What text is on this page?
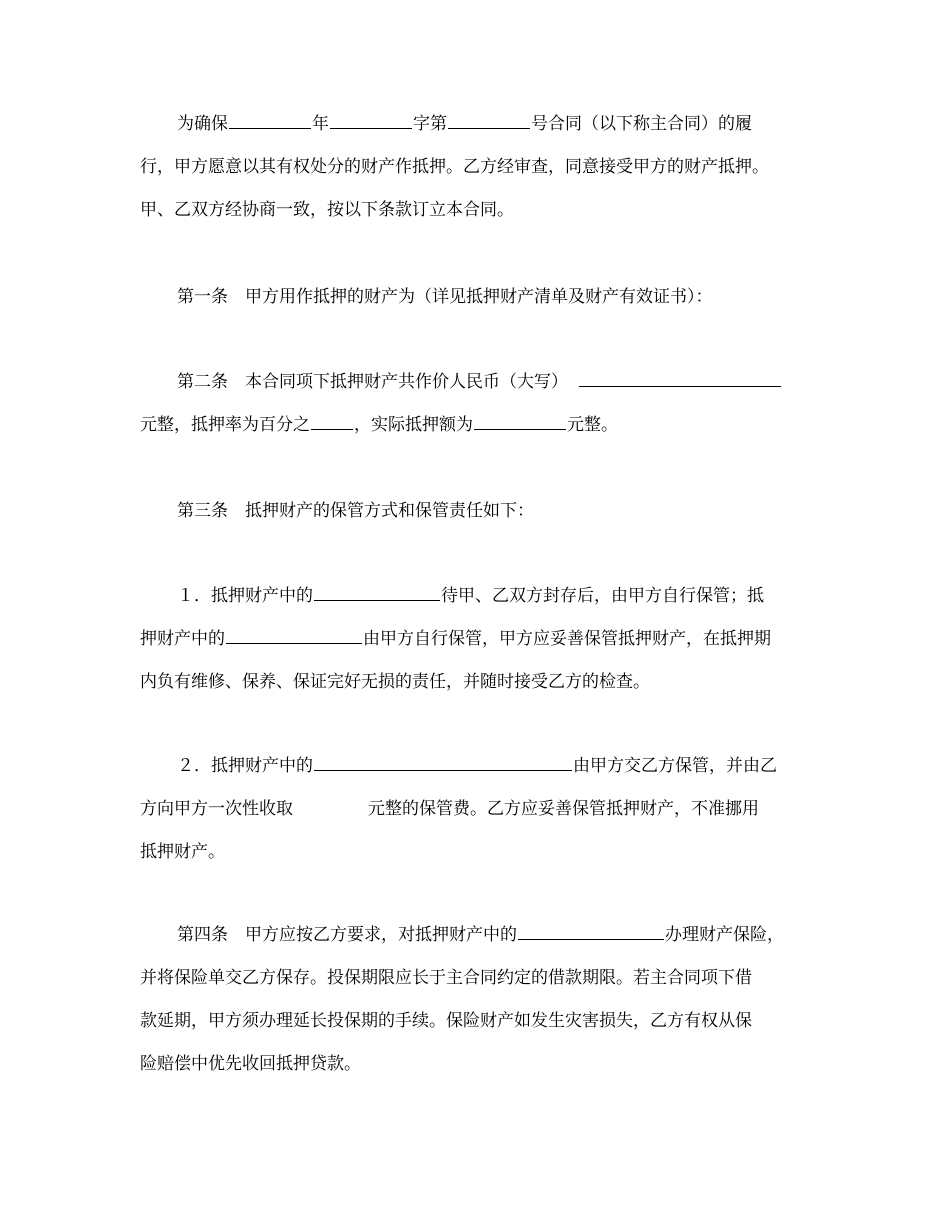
为确保	年	字第	号合同（以下称主合同）的履
行，甲方愿意以其有权处分的财产作抵押。乙方经审查，同意接受甲方的财产抵押。
甲、乙双方经协商一致，按以下条款订立本合同。
第一条　甲方用作抵押的财产为（详见抵押财产清单及财产有效证书）：
第二条　本合同项下抵押财产共作价人民币（大写）
元整，抵押率为百分之	，实际抵押额为	元整。
第三条　抵押财产的保管方式和保管责任如下：
１．抵押财产中的	待甲、乙双方封存后，由甲方自行保管；抵
押财产中的	由甲方自行保管，甲方应妥善保管抵押财产，在抵押期
内负有维修、保养、保证完好无损的责任，并随时接受乙方的检查。
２．抵押财产中的	由甲方交乙方保管，并由乙
方向甲方一次性收取	元整的保管费。乙方应妥善保管抵押财产，不准挪用
抵押财产。
第四条　甲方应按乙方要求，对抵押财产中的	办理财产保险，
并将保险单交乙方保存。投保期限应长于主合同约定的借款期限。若主合同项下借
款延期，甲方须办理延长投保期的手续。保险财产如发生灾害损失，乙方有权从保
险赔偿中优先收回抵押贷款。
